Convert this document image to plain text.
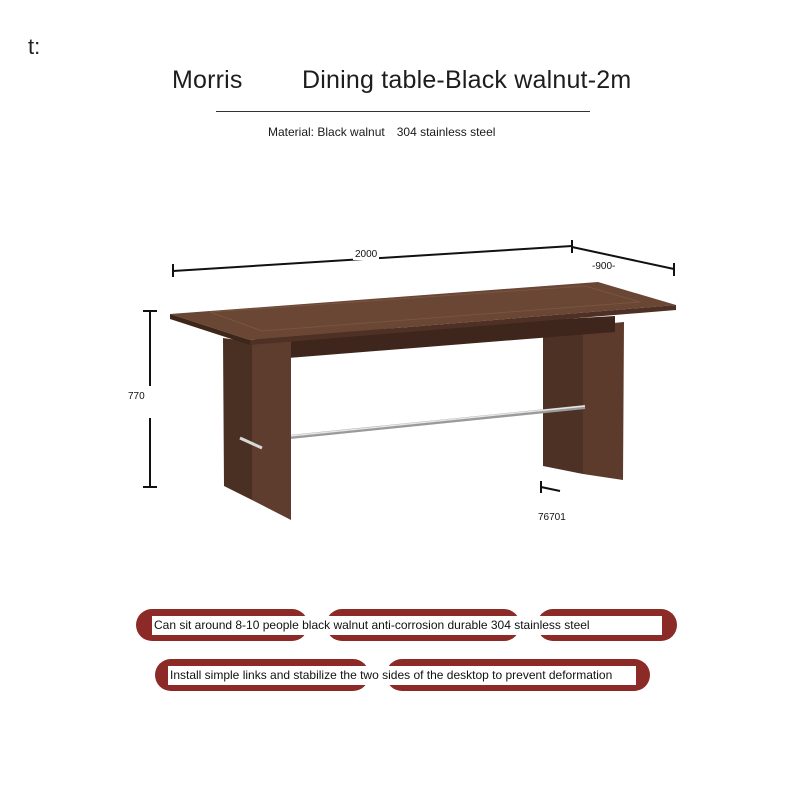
t:
Morris Dining table-Black walnut-2m
Material: Black walnut 304 stainless steel
2000
-900-
770
76701
Can sit around 8-10 people black walnut anti-corrosion durable 304 stainless steel
Install simple links and stabilize the two sides of the desktop to prevent deformation
